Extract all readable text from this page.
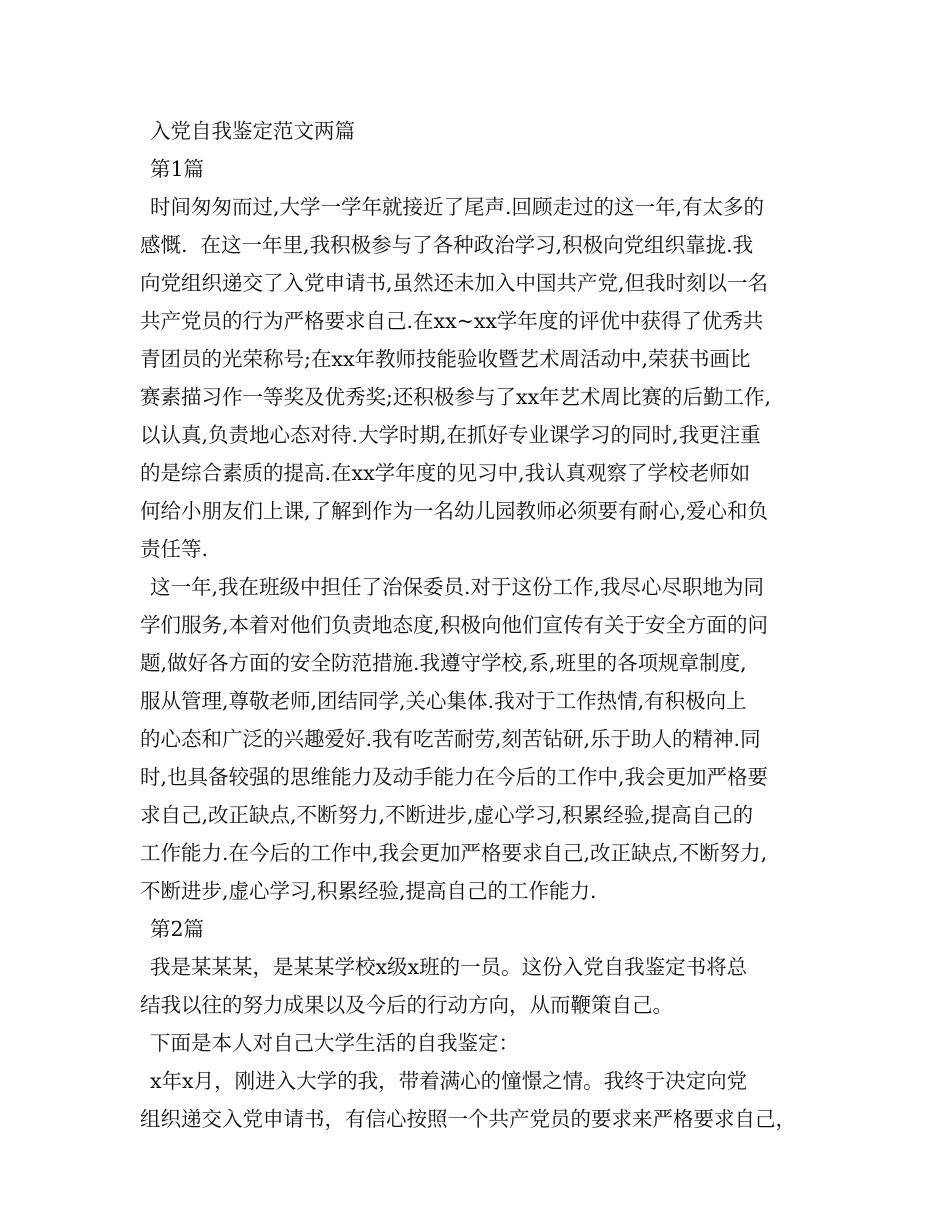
入党自我鉴定范文两篇
第1篇
时间匆匆而过,大学一学年就接近了尾声.回顾走过的这一年,有太多的
感慨.  在这一年里,我积极参与了各种政治学习,积极向党组织靠拢.我
向党组织递交了入党申请书,虽然还未加入中国共产党,但我时刻以一名
共产党员的行为严格要求自己.在xx~xx学年度的评优中获得了优秀共
青团员的光荣称号;在xx年教师技能验收暨艺术周活动中,荣获书画比
赛素描习作一等奖及优秀奖;还积极参与了xx年艺术周比赛的后勤工作,
以认真,负责地心态对待.大学时期,在抓好专业课学习的同时,我更注重
的是综合素质的提高.在xx学年度的见习中,我认真观察了学校老师如
何给小朋友们上课,了解到作为一名幼儿园教师必须要有耐心,爱心和负
责任等.
这一年,我在班级中担任了治保委员.对于这份工作,我尽心尽职地为同
学们服务,本着对他们负责地态度,积极向他们宣传有关于安全方面的问
题,做好各方面的安全防范措施.我遵守学校,系,班里的各项规章制度,
服从管理,尊敬老师,团结同学,关心集体.我对于工作热情,有积极向上
的心态和广泛的兴趣爱好.我有吃苦耐劳,刻苦钻研,乐于助人的精神.同
时,也具备较强的思维能力及动手能力在今后的工作中,我会更加严格要
求自己,改正缺点,不断努力,不断进步,虚心学习,积累经验,提高自己的
工作能力.在今后的工作中,我会更加严格要求自己,改正缺点,不断努力,
不断进步,虚心学习,积累经验,提高自己的工作能力.
第2篇
我是某某某，是某某学校x级x班的一员。这份入党自我鉴定书将总
结我以往的努力成果以及今后的行动方向，从而鞭策自己。
下面是本人对自己大学生活的自我鉴定：
x年x月，刚进入大学的我，带着满心的憧憬之情。我终于决定向党
组织递交入党申请书，有信心按照一个共产党员的要求来严格要求自己，
